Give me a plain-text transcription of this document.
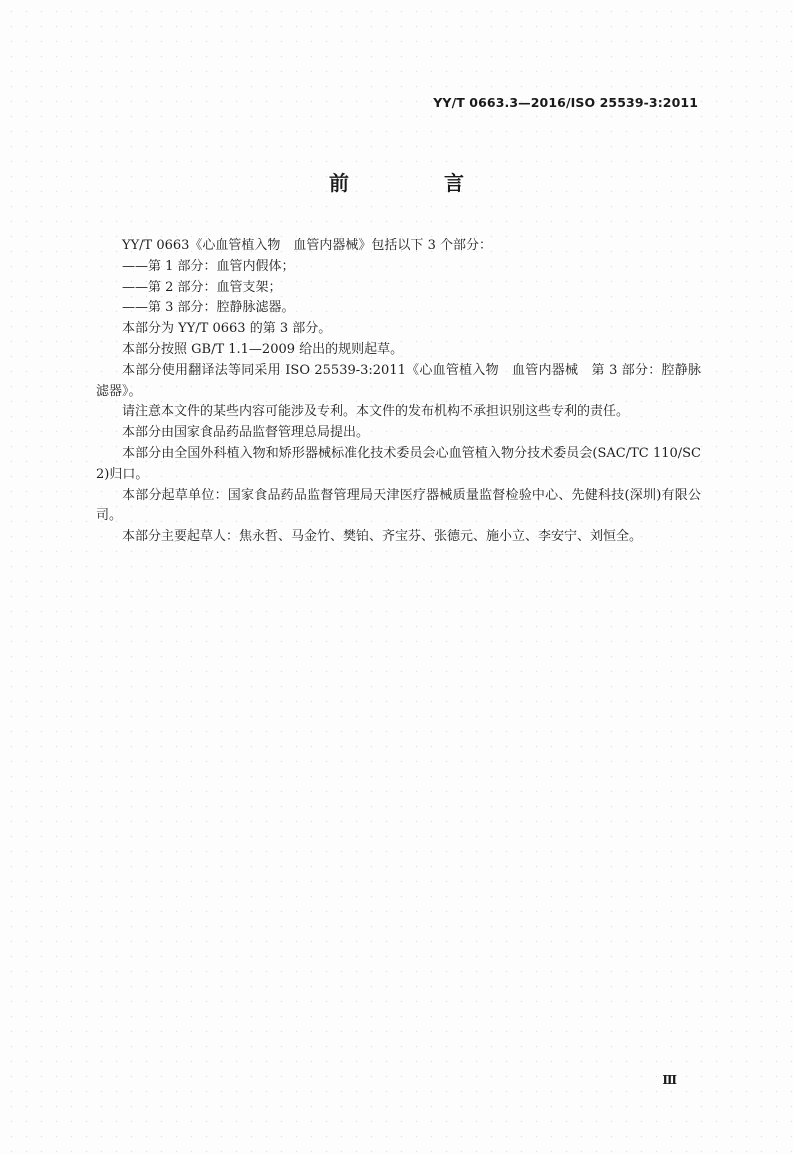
YY/T 0663.3—2016/ISO 25539-3:2011
前 言

YY/T 0663《心血管植入物　血管内器械》包括以下 3 个部分：

——第 1 部分：血管内假体；

——第 2 部分：血管支架；

——第 3 部分：腔静脉滤器。

本部分为 YY/T 0663 的第 3 部分。

本部分按照 GB/T 1.1—2009 给出的规则起草。

本部分使用翻译法等同采用 ISO 25539-3:2011《心血管植入物　血管内器械　第 3 部分：腔静脉滤器》。

请注意本文件的某些内容可能涉及专利。本文件的发布机构不承担识别这些专利的责任。

本部分由国家食品药品监督管理总局提出。

本部分由全国外科植入物和矫形器械标准化技术委员会心血管植入物分技术委员会(SAC/TC 110/SC 2)归口。

本部分起草单位：国家食品药品监督管理局天津医疗器械质量监督检验中心、先健科技(深圳)有限公司。

本部分主要起草人：焦永哲、马金竹、樊铂、齐宝芬、张德元、施小立、李安宁、刘恒全。

Ⅲ
